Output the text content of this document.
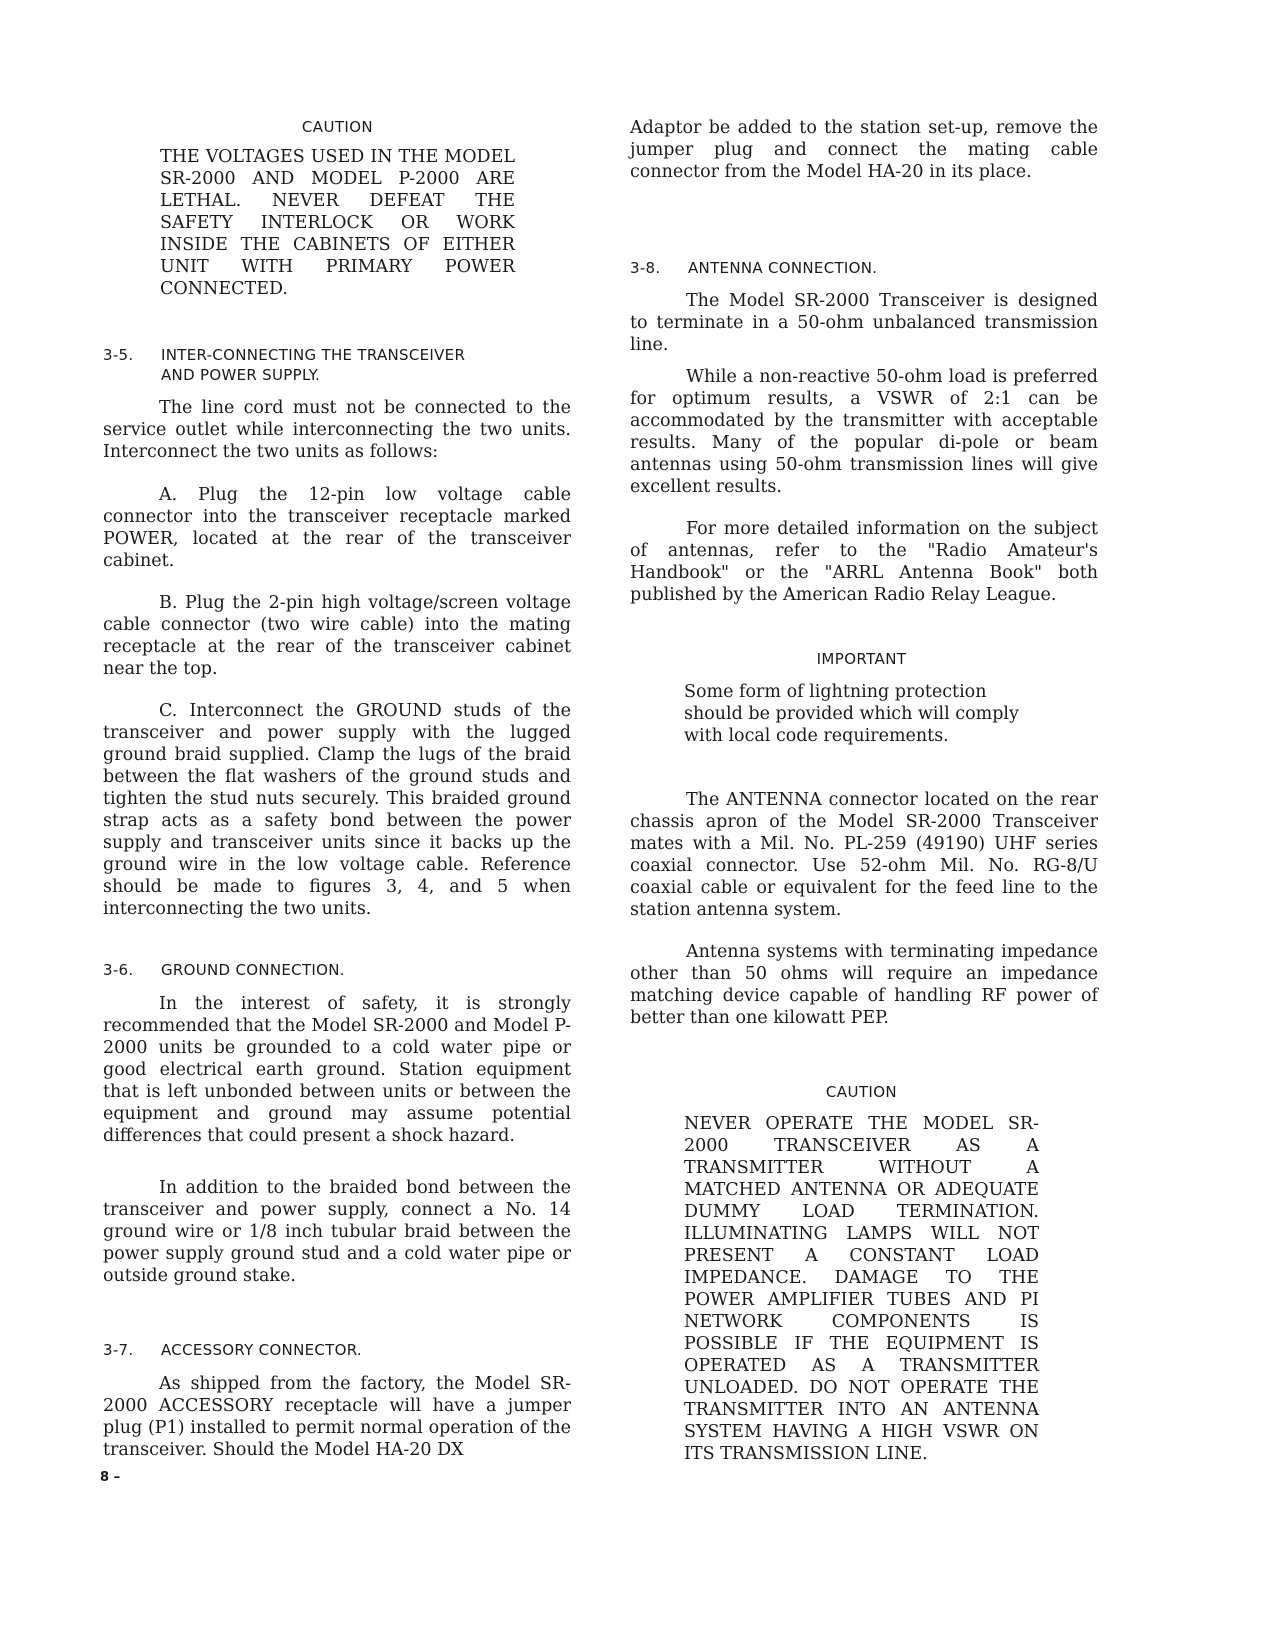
CAUTION

THE VOLTAGES USED IN THE MODEL SR-2000 AND MODEL P-2000 ARE LETHAL. NEVER DEFEAT THE SAFETY INTERLOCK OR WORK INSIDE THE CABINETS OF EITHER UNIT WITH PRIMARY POWER CONNECTED.

3-5. INTER-CONNECTING THE TRANSCEIVER
AND POWER SUPPLY.

The line cord must not be connected to the service outlet while interconnecting the two units. Interconnect the two units as follows:

A. Plug the 12-pin low voltage cable connector into the transceiver receptacle marked POWER, located at the rear of the transceiver cabinet.

B. Plug the 2-pin high voltage/screen voltage cable connector (two wire cable) into the mating receptacle at the rear of the transceiver cabinet near the top.

C. Interconnect the GROUND studs of the transceiver and power supply with the lugged ground braid supplied. Clamp the lugs of the braid between the flat washers of the ground studs and tighten the stud nuts securely. This braided ground strap acts as a safety bond between the power supply and transceiver units since it backs up the ground wire in the low voltage cable. Reference should be made to figures 3, 4, and 5 when interconnecting the two units.

3-6. GROUND CONNECTION.

In the interest of safety, it is strongly recommended that the Model SR-2000 and Model P-2000 units be grounded to a cold water pipe or good electrical earth ground. Station equipment that is left unbonded between units or between the equipment and ground may assume potential differences that could present a shock hazard.

In addition to the braided bond between the transceiver and power supply, connect a No. 14 ground wire or 1/8 inch tubular braid between the power supply ground stud and a cold water pipe or outside ground stake.

3-7. ACCESSORY CONNECTOR.

As shipped from the factory, the Model SR-2000 ACCESSORY receptacle will have a jumper plug (P1) installed to permit normal operation of the transceiver. Should the Model HA-20 DX

8 –

Adaptor be added to the station set-up, remove the jumper plug and connect the mating cable connector from the Model HA-20 in its place.

3-8. ANTENNA CONNECTION.

The Model SR-2000 Transceiver is designed to terminate in a 50-ohm unbalanced transmission line.

While a non-reactive 50-ohm load is preferred for optimum results, a VSWR of 2:1 can be accommodated by the transmitter with acceptable results. Many of the popular di-pole or beam antennas using 50-ohm transmission lines will give excellent results.

For more detailed information on the subject of antennas, refer to the "Radio Amateur's Handbook" or the "ARRL Antenna Book" both published by the American Radio Relay League.

IMPORTANT

Some form of lightning protection should be provided which will comply with local code requirements.

The ANTENNA connector located on the rear chassis apron of the Model SR-2000 Transceiver mates with a Mil. No. PL-259 (49190) UHF series coaxial connector. Use 52-ohm Mil. No. RG-8/U coaxial cable or equivalent for the feed line to the station antenna system.

Antenna systems with terminating impedance other than 50 ohms will require an impedance matching device capable of handling RF power of better than one kilowatt PEP.

CAUTION

NEVER OPERATE THE MODEL SR-2000 TRANSCEIVER AS A TRANSMITTER WITHOUT A MATCHED ANTENNA OR ADEQUATE DUMMY LOAD TERMINATION. ILLUMINATING LAMPS WILL NOT PRESENT A CONSTANT LOAD IMPEDANCE. DAMAGE TO THE POWER AMPLIFIER TUBES AND PI NETWORK COMPONENTS IS POSSIBLE IF THE EQUIPMENT IS OPERATED AS A TRANSMITTER UNLOADED. DO NOT OPERATE THE TRANSMITTER INTO AN ANTENNA SYSTEM HAVING A HIGH VSWR ON ITS TRANSMISSION LINE.
